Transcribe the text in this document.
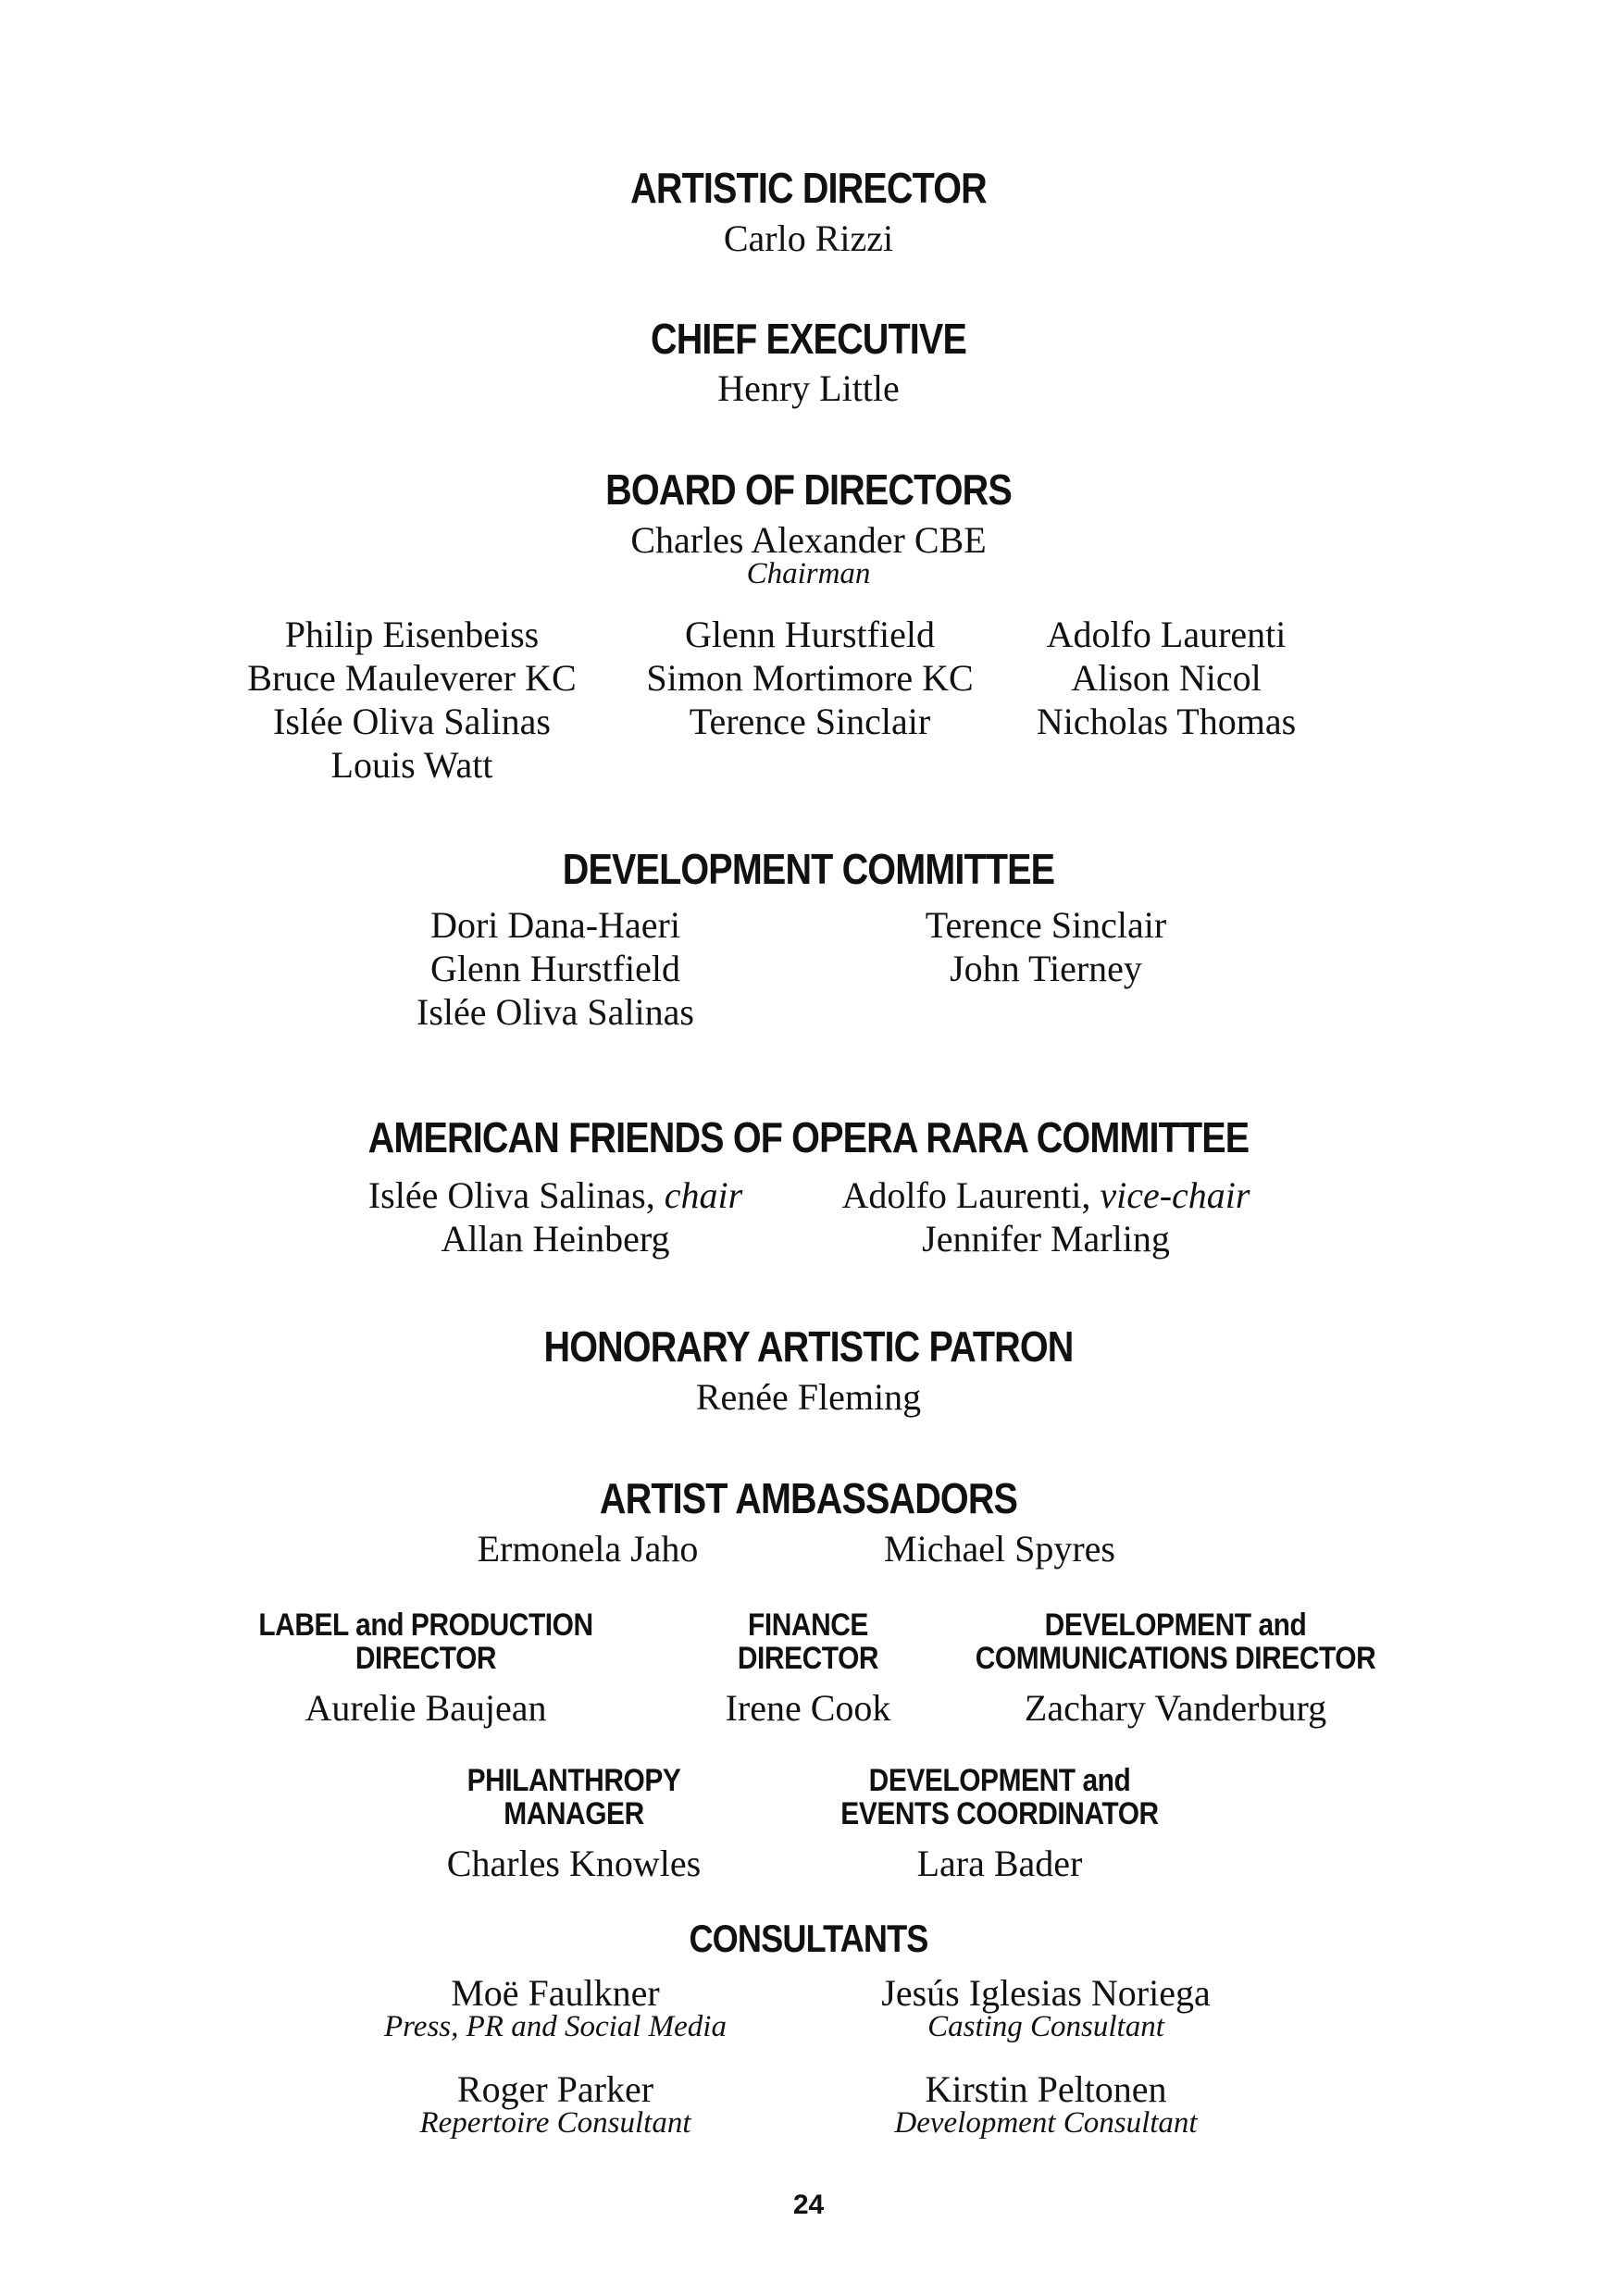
ARTISTIC DIRECTOR
Carlo Rizzi
CHIEF EXECUTIVE
Henry Little
BOARD OF DIRECTORS
Charles Alexander CBE
Chairman
Philip Eisenbeiss
Bruce Mauleverer KC
Islée Oliva Salinas
Louis Watt
Glenn Hurstfield
Simon Mortimore KC
Terence Sinclair
Adolfo Laurenti
Alison Nicol
Nicholas Thomas
DEVELOPMENT COMMITTEE
Dori Dana-Haeri
Glenn Hurstfield
Islée Oliva Salinas
Terence Sinclair
John Tierney
AMERICAN FRIENDS OF OPERA RARA COMMITTEE
Islée Oliva Salinas, chair
Allan Heinberg
Adolfo Laurenti, vice-chair
Jennifer Marling
HONORARY ARTISTIC PATRON
Renée Fleming
ARTIST AMBASSADORS
Ermonela Jaho	Michael Spyres
LABEL and PRODUCTION
DIRECTOR
Aurelie Baujean
FINANCE
DIRECTOR
Irene Cook
DEVELOPMENT and
COMMUNICATIONS DIRECTOR
Zachary Vanderburg
PHILANTHROPY
MANAGER
Charles Knowles
DEVELOPMENT and
EVENTS COORDINATOR
Lara Bader
CONSULTANTS
Moë Faulkner
Press, PR and Social Media
Jesús Iglesias Noriega
Casting Consultant
Roger Parker
Repertoire Consultant
Kirstin Peltonen
Development Consultant
24
